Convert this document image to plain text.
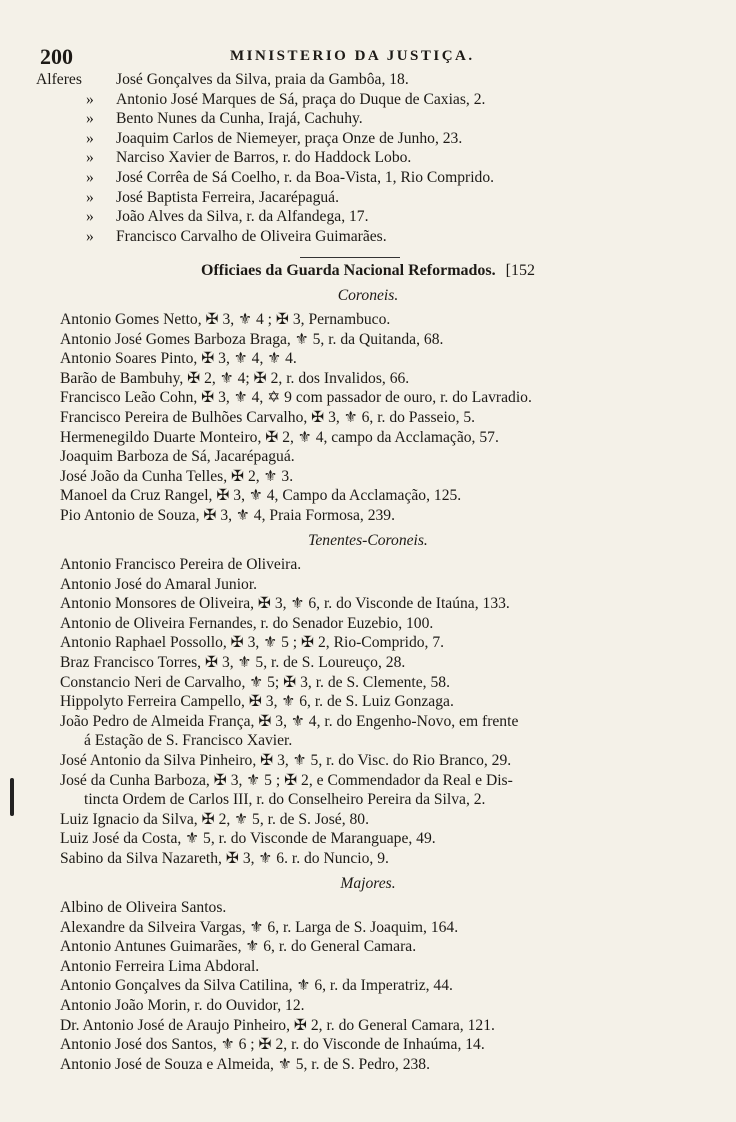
200	MINISTERIO DA JUSTIÇA.
Alferes José Gonçalves da Silva, praia da Gambôa, 18.
» Antonio José Marques de Sá, praça do Duque de Caxias, 2.
» Bento Nunes da Cunha, Irajá, Cachuhy.
» Joaquim Carlos de Niemeyer, praça Onze de Junho, 23.
» Narciso Xavier de Barros, r. do Haddock Lobo.
» José Corrêa de Sá Coelho, r. da Boa-Vista, 1, Rio Comprido.
» José Baptista Ferreira, Jacarépaguá.
» João Alves da Silva, r. da Alfandega, 17.
» Francisco Carvalho de Oliveira Guimarães.
Officiaes da Guarda Nacional Reformados. [152
Coroneis.
Antonio Gomes Netto, ✠ 3, ⚜ 4 ; ✠ 3, Pernambuco.
Antonio José Gomes Barboza Braga, ⚜ 5, r. da Quitanda, 68.
Antonio Soares Pinto, ✠ 3, ⚜ 4, ⚜ 4.
Barão de Bambuhy, ✠ 2, ⚜ 4; ✠ 2, r. dos Invalidos, 66.
Francisco Leão Cohn, ✠ 3, ⚜ 4, ✡ 9 com passador de ouro, r. do Lavradio.
Francisco Pereira de Bulhões Carvalho, ✠ 3, ⚜ 6, r. do Passeio, 5.
Hermenegildo Duarte Monteiro, ✠ 2, ⚜ 4, campo da Acclamação, 57.
Joaquim Barboza de Sá, Jacarépaguá.
José João da Cunha Telles, ✠ 2, ⚜ 3.
Manoel da Cruz Rangel, ✠ 3, ⚜ 4, Campo da Acclamação, 125.
Pio Antonio de Souza, ✠ 3, ⚜ 4, Praia Formosa, 239.
Tenentes-Coroneis.
Antonio Francisco Pereira de Oliveira.
Antonio José do Amaral Junior.
Antonio Monsores de Oliveira, ✠ 3, ⚜ 6, r. do Visconde de Itaúna, 133.
Antonio de Oliveira Fernandes, r. do Senador Euzebio, 100.
Antonio Raphael Possollo, ✠ 3, ⚜ 5 ; ✠ 2, Rio-Comprido, 7.
Braz Francisco Torres, ✠ 3, ⚜ 5, r. de S. Loureuço, 28.
Constancio Neri de Carvalho, ⚜ 5; ✠ 3, r. de S. Clemente, 58.
Hippolyto Ferreira Campello, ✠ 3, ⚜ 6, r. de S. Luiz Gonzaga.
João Pedro de Almeida França, ✠ 3, ⚜ 4, r. do Engenho-Novo, em frente
á Estação de S. Francisco Xavier.
José Antonio da Silva Pinheiro, ✠ 3, ⚜ 5, r. do Visc. do Rio Branco, 29.
José da Cunha Barboza, ✠ 3, ⚜ 5 ; ✠ 2, e Commendador da Real e Dis-
tincta Ordem de Carlos III, r. do Conselheiro Pereira da Silva, 2.
Luiz Ignacio da Silva, ✠ 2, ⚜ 5, r. de S. José, 80.
Luiz José da Costa, ⚜ 5, r. do Visconde de Maranguape, 49.
Sabino da Silva Nazareth, ✠ 3, ⚜ 6. r. do Nuncio, 9.
Majores.
Albino de Oliveira Santos.
Alexandre da Silveira Vargas, ⚜ 6, r. Larga de S. Joaquim, 164.
Antonio Antunes Guimarães, ⚜ 6, r. do General Camara.
Antonio Ferreira Lima Abdoral.
Antonio Gonçalves da Silva Catilina, ⚜ 6, r. da Imperatriz, 44.
Antonio João Morin, r. do Ouvidor, 12.
Dr. Antonio José de Araujo Pinheiro, ✠ 2, r. do General Camara, 121.
Antonio José dos Santos, ⚜ 6 ; ✠ 2, r. do Visconde de Inhaúma, 14.
Antonio José de Souza e Almeida, ⚜ 5, r. de S. Pedro, 238.
